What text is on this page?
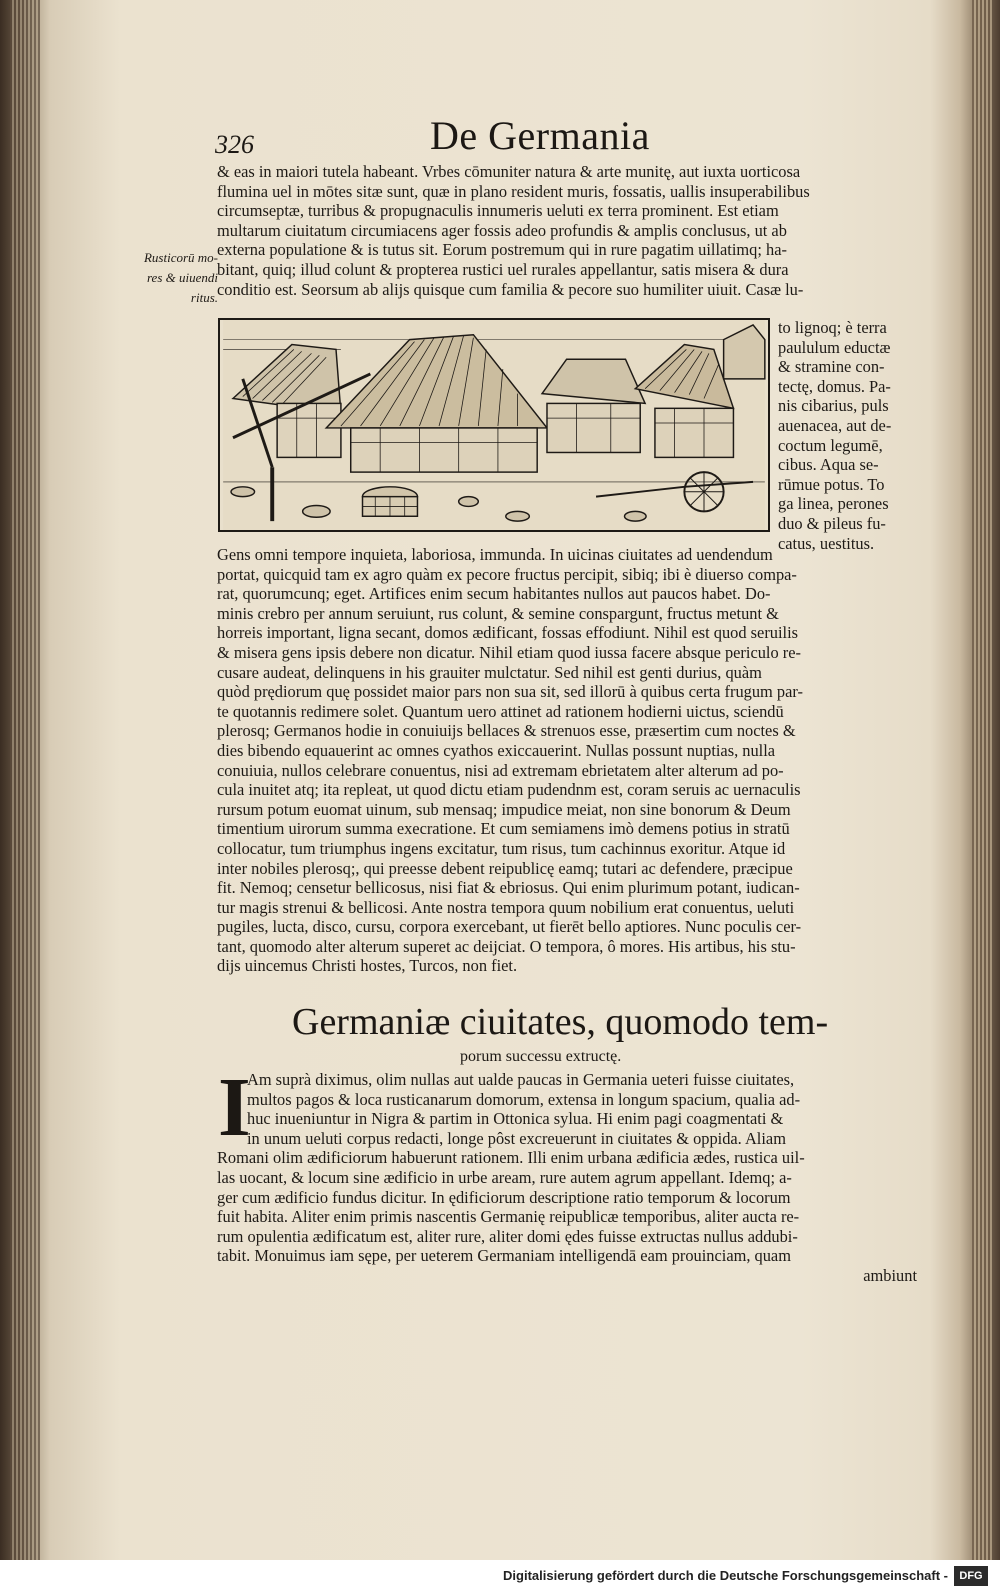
326	De Germania
& eas in maiori tutela habeant. Vrbes cōmuniter natura & arte munitę, aut iuxta uorticosa
flumina uel in mōtes sitæ sunt, quæ in plano resident muris, fossatis, uallis insuperabilibus
circumseptæ, turribus & propugnaculis innumeris ueluti ex terra prominent. Est etiam
multarum ciuitatum circumiacens ager fossis adeo profundis & amplis conclusus, ut ab
externa populatione & is tutus sit. Eorum postremum qui in rure pagatim uillatimq; ha-
bitant, quiq; illud colunt & propterea rustici uel rurales appellantur, satis misera & dura
conditio est. Seorsum ab alijs quisque cum familia & pecore suo humiliter uiuit. Casæ lu-
Rusticorū mo-
res & uiuendi
ritus.
to lignoq; è terra
paululum eductæ
& stramine con-
tectę, domus. Pa-
nis cibarius, puls
auenacea, aut de-
coctum legumē,
cibus. Aqua se-
rūmue potus. To
ga linea, perones
duo & pileus fu-
catus, uestitus.
Gens omni tempore inquieta, laboriosa, immunda. In uicinas ciuitates ad uendendum
portat, quicquid tam ex agro quàm ex pecore fructus percipit, sibiq; ibi è diuerso compa-
rat, quorumcunq; eget. Artifices enim secum habitantes nullos aut paucos habet. Do-
minis crebro per annum seruiunt, rus colunt, & semine conspargunt, fructus metunt &
horreis important, ligna secant, domos ædificant, fossas effodiunt. Nihil est quod seruilis
& misera gens ipsis debere non dicatur. Nihil etiam quod iussa facere absque periculo re-
cusare audeat, delinquens in his grauiter mulctatur. Sed nihil est genti durius, quàm
quòd prędiorum quę possidet maior pars non sua sit, sed illorū à quibus certa frugum par-
te quotannis redimere solet. Quantum uero attinet ad rationem hodierni uictus, sciendū
plerosq; Germanos hodie in conuiuijs bellaces & strenuos esse, præsertim cum noctes &
dies bibendo equauerint ac omnes cyathos exiccauerint. Nullas possunt nuptias, nulla
conuiuia, nullos celebrare conuentus, nisi ad extremam ebrietatem alter alterum ad po-
cula inuitet atq; ita repleat, ut quod dictu etiam pudendnm est, coram seruis ac uernaculis
rursum potum euomat uinum, sub mensaq; impudice meiat, non sine bonorum & Deum
timentium uirorum summa execratione. Et cum semiamens imò demens potius in stratū
collocatur, tum triumphus ingens excitatur, tum risus, tum cachinnus exoritur. Atque id
inter nobiles plerosq;, qui preesse debent reipublicę eamq; tutari ac defendere, præcipue
fit. Nemoq; censetur bellicosus, nisi fiat & ebriosus. Qui enim plurimum potant, iudican-
tur magis strenui & bellicosi. Ante nostra tempora quum nobilium erat conuentus, ueluti
pugiles, lucta, disco, cursu, corpora exercebant, ut fierēt bello aptiores. Nunc poculis cer-
tant, quomodo alter alterum superet ac deijciat. O tempora, ô mores. His artibus, his stu-
dijs uincemus Christi hostes, Turcos, non fiet.
Germaniæ ciuitates, quomodo tem-
porum successu extructę.
I
Am suprà diximus, olim nullas aut ualde paucas in Germania ueteri fuisse ciuitates,
multos pagos & loca rusticanarum domorum, extensa in longum spacium, qualia ad-
huc inueniuntur in Nigra & partim in Ottonica sylua. Hi enim pagi coagmentati &
in unum ueluti corpus redacti, longe pôst excreuerunt in ciuitates & oppida. Aliam
Romani olim ædificiorum habuerunt rationem. Illi enim urbana ædificia ædes, rustica uil-
las uocant, & locum sine ædificio in urbe aream, rure autem agrum appellant. Idemq; a-
ger cum ædificio fundus dicitur. In ędificiorum descriptione ratio temporum & locorum
fuit habita. Aliter enim primis nascentis Germanię reipublicæ temporibus, aliter aucta re-
rum opulentia ædificatum est, aliter rure, aliter domi ędes fuisse extructas nullus addubi-
tabit. Monuimus iam sępe, per ueterem Germaniam intelligendā eam prouinciam, quam
ambiunt
Digitalisierung gefördert durch die Deutsche Forschungsgemeinschaft -	DFG
